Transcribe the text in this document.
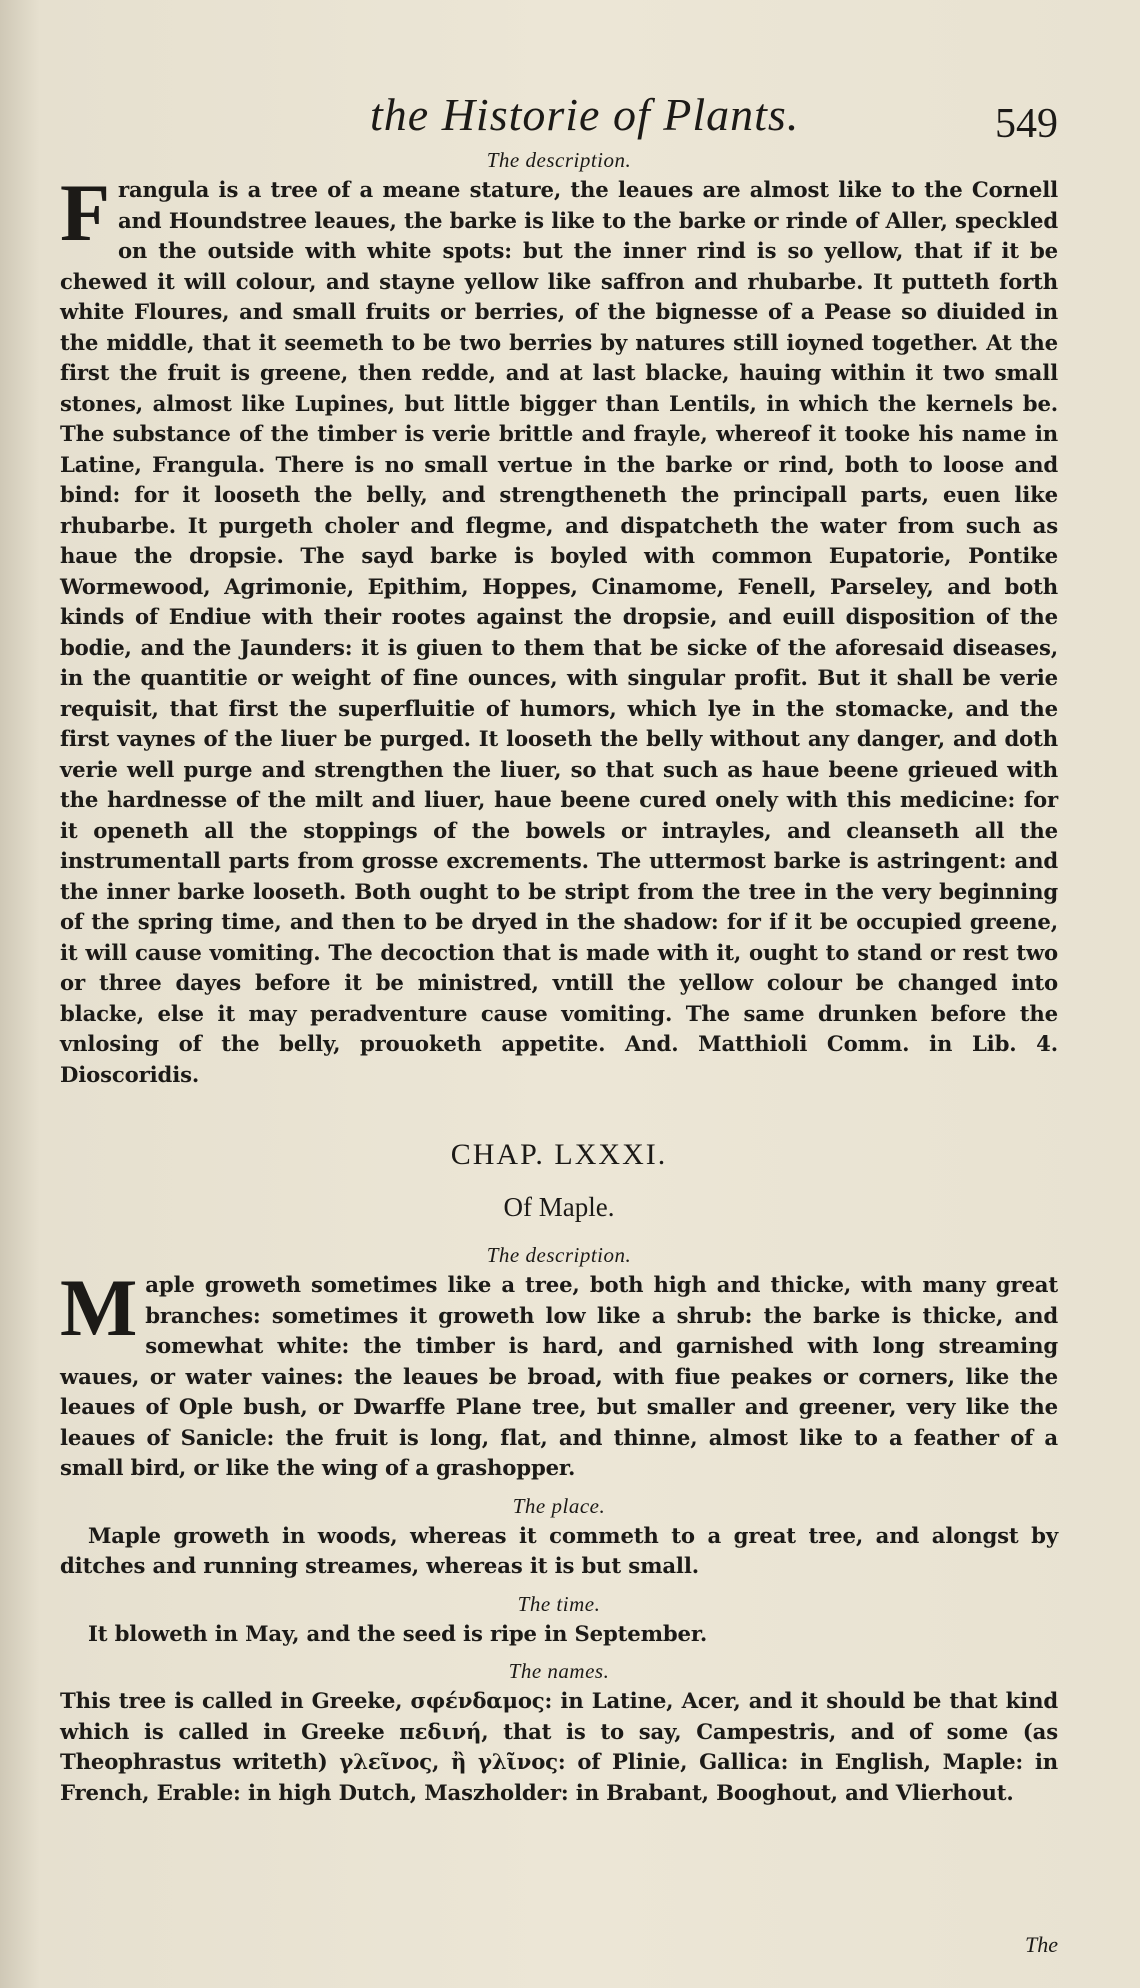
the Historie of Plants.	549
The description.

Frangula is a tree of a meane stature, the leaues are almost like to the Cornell and Houndstree leaues, the barke is like to the barke or rinde of Aller, speckled on the outside with white spots: but the inner rind is so yellow, that if it be chewed it will colour, and stayne yellow like saffron and rhubarbe. It putteth forth white Floures, and small fruits or berries, of the bignesse of a Pease so diuided in the middle, that it seemeth to be two berries by natures still ioyned together. At the first the fruit is greene, then redde, and at last blacke, hauing within it two small stones, almost like Lupines, but little bigger than Lentils, in which the kernels be. The substance of the timber is verie brittle and frayle, whereof it tooke his name in Latine, Frangula. There is no small vertue in the barke or rind, both to loose and bind: for it looseth the belly, and strengtheneth the principall parts, euen like rhubarbe. It purgeth choler and flegme, and dispatcheth the water from such as haue the dropsie. The sayd barke is boyled with common Eupatorie, Pontike Wormewood, Agrimonie, Epithim, Hoppes, Cinamome, Fenell, Parseley, and both kinds of Endiue with their rootes against the dropsie, and euill disposition of the bodie, and the Jaunders: it is giuen to them that be sicke of the aforesaid diseases, in the quantitie or weight of fine ounces, with singular profit. But it shall be verie requisit, that first the superfluitie of humors, which lye in the stomacke, and the first vaynes of the liuer be purged. It looseth the belly without any danger, and doth verie well purge and strengthen the liuer, so that such as haue beene grieued with the hardnesse of the milt and liuer, haue beene cured onely with this medicine: for it openeth all the stoppings of the bowels or intrayles, and cleanseth all the instrumentall parts from grosse excrements. The uttermost barke is astringent: and the inner barke looseth. Both ought to be stript from the tree in the very beginning of the spring time, and then to be dryed in the shadow: for if it be occupied greene, it will cause vomiting. The decoction that is made with it, ought to stand or rest two or three dayes before it be ministred, vntill the yellow colour be changed into blacke, else it may peradventure cause vomiting. The same drunken before the vnlosing of the belly, prouoketh appetite. And. Matthioli Comm. in Lib. 4. Dioscoridis.

CHAP. LXXXI.
Of Maple.
The description.

Maple groweth sometimes like a tree, both high and thicke, with many great branches: sometimes it groweth low like a shrub: the barke is thicke, and somewhat white: the timber is hard, and garnished with long streaming waues, or water vaines: the leaues be broad, with fiue peakes or corners, like the leaues of Ople bush, or Dwarffe Plane tree, but smaller and greener, very like the leaues of Sanicle: the fruit is long, flat, and thinne, almost like to a feather of a small bird, or like the wing of a grashopper.

The place.

Maple groweth in woods, whereas it commeth to a great tree, and alongst by ditches and running streames, whereas it is but small.

The time.

It bloweth in May, and the seed is ripe in September.

The names.

This tree is called in Greeke, σφένδαμος: in Latine, Acer, and it should be that kind which is called in Greeke πεδινή, that is to say, Campestris, and of some (as Theophrastus writeth) γλεῖνος, ἢ γλῖνος: of Plinie, Gallica: in English, Maple: in French, Erable: in high Dutch, Maszholder: in Brabant, Booghout, and Vlierhout.

The
